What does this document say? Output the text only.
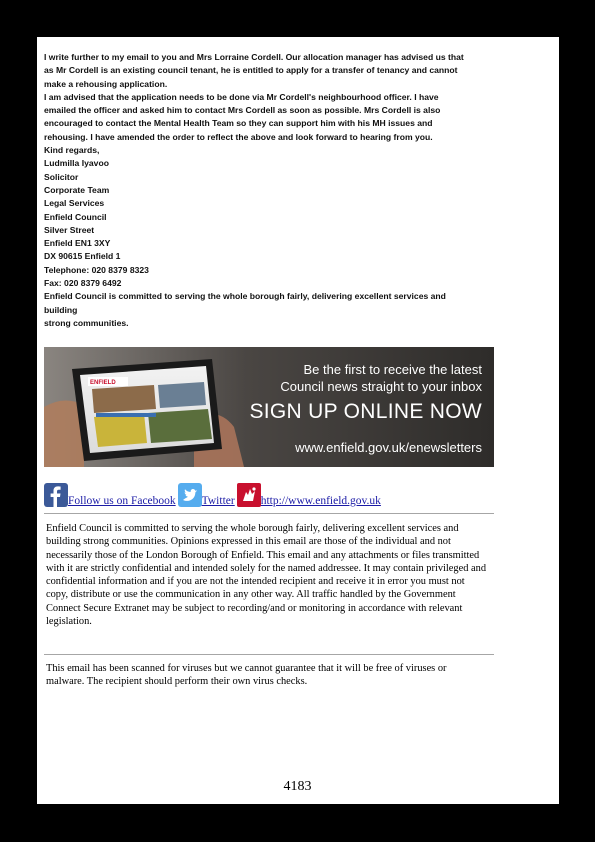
I write further to my email to you and Mrs Lorraine Cordell. Our allocation manager has advised us that as Mr Cordell is an existing council tenant, he is entitled to apply for a transfer of tenancy and cannot make a rehousing application.

I am advised that the application needs to be done via Mr Cordell's neighbourhood officer. I have emailed the officer and asked him to contact Mrs Cordell as soon as possible. Mrs Cordell is also encouraged to contact the Mental Health Team so they can support him with his MH issues and rehousing. I have amended the order to reflect the above and look forward to hearing from you.

Kind regards,

Ludmilla Iyavoo

Solicitor

Corporate Team

Legal Services

Enfield Council

Silver Street

Enfield EN1 3XY

DX 90615 Enfield 1

Telephone: 020 8379 8323

Fax: 020 8379 6492

Enfield Council is committed to serving the whole borough fairly, delivering excellent services and building

strong communities.

ENFIELD
Be the first to receive the latest
Council news straight to your inbox
SIGN UP ONLINE NOW
www.enfield.gov.uk/enewsletters
Follow us on Facebook Twitter http://www.enfield.gov.uk

Enfield Council is committed to serving the whole borough fairly, delivering excellent services and building strong communities. Opinions expressed in this email are those of the individual and not necessarily those of the London Borough of Enfield. This email and any attachments or files transmitted with it are strictly confidential and intended solely for the named addressee. It may contain privileged and confidential information and if you are not the intended recipient and receive it in error you must not copy, distribute or use the communication in any other way. All traffic handled by the Government Connect Secure Extranet may be subject to recording/and or monitoring in accordance with relevant legislation.

This email has been scanned for viruses but we cannot guarantee that it will be free of viruses or malware. The recipient should perform their own virus checks.

4183
